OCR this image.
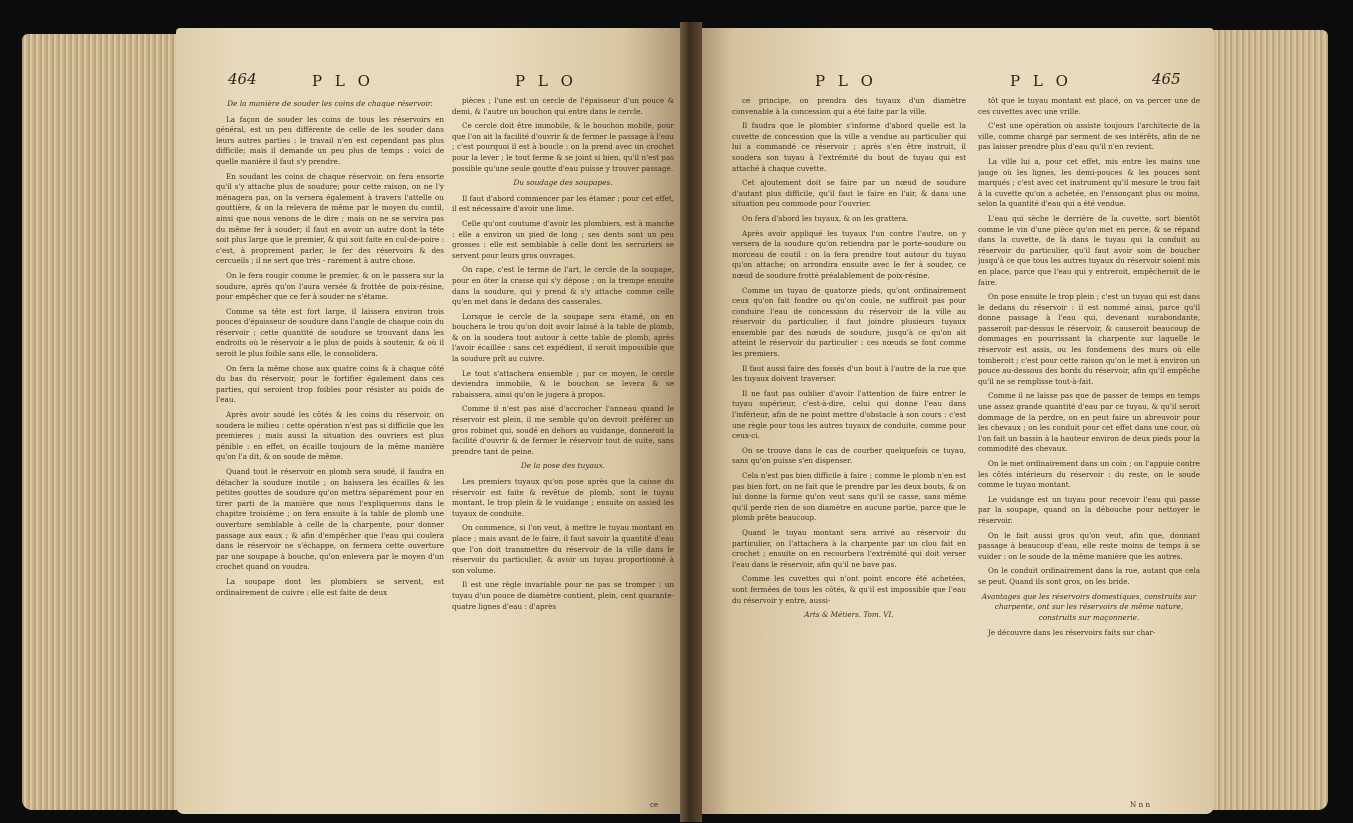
464	P L O	P L O	P L O	P L O	465

De la manière de souder les coins de chaque réservoir.

La façon de souder les coins de tous les réservoirs en général, est un peu différente de celle de les souder dans leurs autres parties : le travail n'en est cependant pas plus difficile; mais il demande un peu plus de temps : voici de quelle manière il faut s'y prendre.

En soudant les coins de chaque réservoir, on fera ensorte qu'il s'y attache plus de soudure; pour cette raison, on ne l'y ménagera pas, on la versera également à travers l'attelle ou gouttière, & on la relevera de même par le moyen du contil, ainsi que nous venons de le dire ; mais on ne se servira pas du même fer à souder; il faut en avoir un autre dont la tête soit plus large que le premier, & qui soit faite en cul-de-poire : c'est, à proprement parler, le fer des réservoirs & des cercueils ; il ne sert que très - rarement à autre chose.

On le fera rougir comme le premier, & on le passera sur la soudure, après qu'on l'aura versée & frottée de poix-résine, pour empêcher que ce fer à souder ne s'étame.

Comme sa tête est fort large, il laissera environ trois pouces d'épaisseur de soudure dans l'angle de chaque coin du réservoir ; cette quantité de soudure se trouvant dans les endroits où le réservoir a le plus de poids à soutenir, & où il seroit le plus foible sans elle, le consolidera.

On fera la même chose aux quatre coins & à chaque côté du bas du réservoir, pour le fortifier également dans ces parties, qui seroient trop foibles pour résister au poids de l'eau.

Après avoir soudé les côtés & les coins du réservoir, on soudera le milieu : cette opération n'est pas si difficile que les premieres ; mais aussi la situation des ouvriers est plus pénible : en effet, on écaille toujours de la même manière qu'on l'a dit, & on soude de même.

Quand tout le réservoir en plomb sera soudé, il faudra en détacher la soudure inutile ; on baissera les écailles & les petites gouttes de soudure qu'on mettra séparément pour en tirer parti de la manière que nous l'expliquerons dans le chapitre troisième ; on fera ensuite à la table de plomb une ouverture semblable à celle de la charpente, pour donner passage aux eaux ; & afin d'empêcher que l'eau qui coulera dans le réservoir ne s'échappe, on fermera cette ouverture par une soupape à bouche, qu'on enlevera par le moyen d'un crochet quand on voudra.

La soupape dont les plombiers se servent, est ordinairement de cuivre : elle est faite de deux

pièces ; l'une est un cercle de l'épaisseur d'un pouce & demi, & l'autre un bouchon qui entre dans le cercle.

Ce cercle doit être immobile, & le bouchon mobile, pour que l'on ait la facilité d'ouvrir & de fermer le passage à l'eau ; c'est pourquoi il est à boucle : on la prend avec un crochet pour la lever ; le tout ferme & se joint si bien, qu'il n'est pas possible qu'une seule goutte d'eau puisse y trouver passage.

Du soudage des soupapes.

Il faut d'abord commencer par les étamer ; pour cet effet, il est nécessaire d'avoir une lime.

Celle qu'ont coutume d'avoir les plombiers, est à manche : elle a environ un pied de long ; ses dents sont un peu grosses : elle est semblable à celle dont les serruriers se servent pour leurs gros ouvrages.

On rape, c'est le terme de l'art, le cercle de la soupape, pour en ôter la crasse qui s'y dépose ; on la trempe ensuite dans la soudure, qui y prend & s'y attache comme celle qu'en met dans le dedans des casserales.

Lorsque le cercle de la soupape sera étamé, on en bouchera le trou qu'on doit avoir laissé à la table de plomb, & on la soudera tout autour à cette table de plomb, après l'avoir écaillée : sans cet expédient, il seroit impossible que la soudure prît au cuivre.

Le tout s'attachera ensemble ; par ce moyen, le cercle deviendra immobile, & le bouchon se levera & se rabaissera, ainsi qu'on le jugera à propos.

Comme il n'est pas aisé d'accrocher l'anneau quand le réservoir est plein, il me semble qu'on devroit préférer un gros robinet qui, soudé en dehors au vuidange, donneroit la facilité d'ouvrir & de fermer le réservoir tout de suite, sans prendre tant de peine.

De la pose des tuyaux.

Les premiers tuyaux qu'on pose après que la caisse du réservoir est faite & revêtue de plomb, sont le tuyau montant, le trop plein & le vuidange ; ensuite on assied les tuyaux de conduite.

On commence, si l'on veut, à mettre le tuyau montant en place ; mais avant de le faire, il faut savoir la quantité d'eau que l'on doit transmettre du réservoir de la ville dans le réservoir du particulier, & avoir un tuyau proportionné à son volume.

Il est une règle invariable pour ne pas se tromper : un tuyau d'un pouce de diamètre contient, plein, cent quarante-quatre lignes d'eau : d'après

ce principe, on prendra des tuyaux d'un diamètre convenable à la concession qui a été faite par la ville.

Il faudra que le plombier s'informe d'abord quelle est la cuvette de concession que la ville a vendue au particulier qui lui a commandé ce réservoir ; après s'en être instruit, il soudera son tuyau à l'extrémité du bout de tuyau qui est attaché à chaque cuvette.

Cet ajoutement doit se faire par un nœud de soudure d'autant plus difficile, qu'il faut le faire en l'air, & dans une situation peu commode pour l'ouvrier.

On fera d'abord les tuyaux, & on les grattera.

Après avoir appliqué les tuyaux l'un contre l'autre, on y versera de la soudure qu'on retiendra par le porte-soudure ou morceau de coutil : on la fera prendre tout autour du tuyau qu'on attache; on arrondira ensuite avec le fer à souder, ce nœud de soudure frotté préalablement de poix-résine.

Comme un tuyau de quatorze pieds, qu'ont ordinairement ceux qu'on fait fondre ou qu'on coule, ne suffiroit pas pour conduire l'eau de concession du réservoir de la ville au réservoir du particulier, il faut joindre plusieurs tuyaux ensemble par des nœuds de soudure, jusqu'à ce qu'on ait atteint le réservoir du particulier : ces nœuds se font comme les premiers.

Il faut aussi faire des fossés d'un bout à l'autre de la rue que les tuyaux doivent traverser.

Il ne faut pas oublier d'avoir l'attention de faire entrer le tuyau supérieur, c'est-à-dire, celui qui donne l'eau dans l'inférieur, afin de ne point mettre d'obstacle à son cours : c'est une règle pour tous les autres tuyaux de conduite, comme pour ceux-ci.

On se trouve dans le cas de courber quelquefois ce tuyau, sans qu'on puisse s'en dispenser.

Cela n'est pas bien difficile à faire ; comme le plomb n'en est pas bien fort, on ne fait que le prendre par les deux bouts, & on lui donne la forme qu'on veut sans qu'il se casse, sans même qu'il perde rien de son diamètre en aucune partie, parce que le plomb prête beaucoup.

Quand le tuyau montant sera arrivé au réservoir du particulier, on l'attachera à la charpente par un clou fait en crochet ; ensuite on en recourbera l'extrémité qui doit verser l'eau dans le réservoir, afin qu'il ne bave pas.

Comme les cuvettes qui n'ont point encore été achetées, sont fermées de tous les côtés, & qu'il est impossible que l'eau du réservoir y entre, aussi-

Arts & Métiers. Tom. VI.

tôt que le tuyau montant est placé, on va percer une de ces cuvettes avec une vrille.

C'est une opération où assiste toujours l'architecte de la ville, comme chargé par serment de ses intérêts, afin de ne pas laisser prendre plus d'eau qu'il n'en revient.

La ville lui a, pour cet effet, mis entre les mains une jauge où les lignes, les demi-pouces & les pouces sont marqués ; c'est avec cet instrument qu'il mesure le trou fait à la cuvette qu'on a achetée, en l'ensonçant plus ou moins, selon la quantité d'eau qui a été vendue.

L'eau qui sèche le derrière de la cuvette, sort bientôt comme le vin d'une pièce qu'on met en perce, & se répand dans la cuvette, de là dans le tuyau qui la conduit au réservoir du particulier, qu'il faut avoir soin de boucher jusqu'à ce que tous les autres tuyaux du réservoir soient mis en place, parce que l'eau qui y entreroit, empêcheroit de le faire.

On pose ensuite le trop plein ; c'est un tuyau qui est dans le dedans du réservoir : il est nommé ainsi, parce qu'il donne passage à l'eau qui, devenant surabondante, passeroit par-dessus le réservoir, & causeroit beaucoup de dommages en pourrissant la charpente sur laquelle le réservoir est assis, ou les fondemens des murs où elle tomberoit ; c'est pour cette raison qu'on le met à environ un pouce au-dessous des bords du réservoir, afin qu'il empêche qu'il ne se remplisse tout-à-fait.

Comme il ne laisse pas que de passer de temps en temps une assez grande quantité d'eau par ce tuyau, & qu'il seroit dommage de la perdre, on en peut faire un abreuvoir pour les chevaux ; on les conduit pour cet effet dans une cour, où l'on fait un bassin à la hauteur environ de deux pieds pour la commodité des chevaux.

On le met ordinairement dans un coin ; on l'appuie contre les côtés intérieurs du réservoir : du reste, on le soude comme le tuyau montant.

Le vuidange est un tuyau pour recevoir l'eau qui passe par la soupape, quand on la débouche pour nettoyer le réservoir.

On le fait aussi gros qu'on veut, afin que, donnant passage à beaucoup d'eau, elle reste moins de temps à se vuider : on le soude de la même manière que les autres.

On le conduit ordinairement dans la rue, autant que cela se peut. Quand ils sont gros, on les bride.

Avantages que les réservoirs domestiques, construits sur charpente, ont sur les réservoirs de même nature, construits sur maçonnerie.

Je découvre dans les réservoirs faits sur char-

ce	N n n
